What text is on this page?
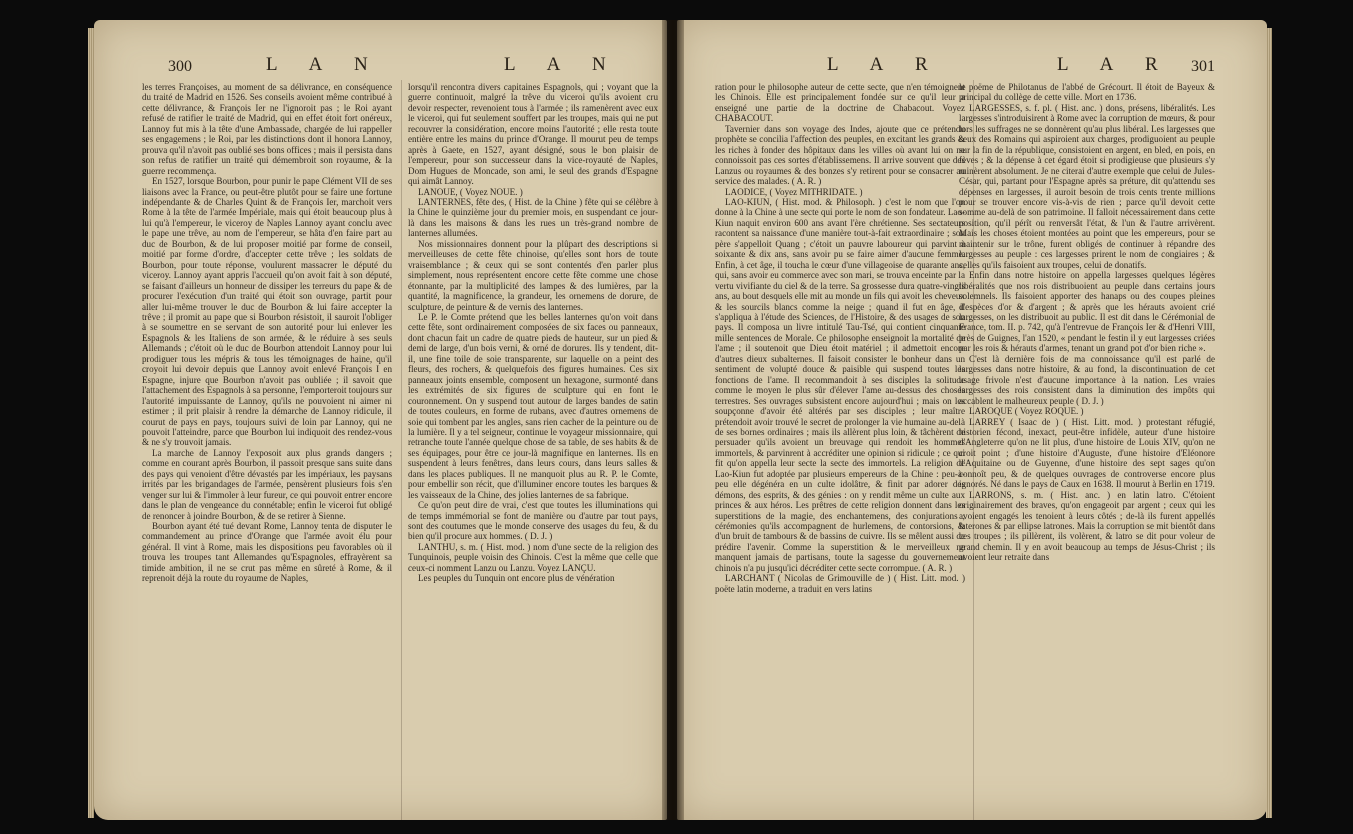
300	L A N	L A N

les terres Françoises, au moment de sa délivrance, en conséquence du traité de Madrid en 1526. Ses conseils avoient même contribué à cette délivrance, & François Ier ne l'ignoroit pas ; le Roi ayant refusé de ratifier le traité de Madrid, qui en effet étoit fort onéreux, Lannoy fut mis à la tête d'une Ambassade, chargée de lui rappeller ses engagemens ; le Roi, par les distinctions dont il honora Lannoy, prouva qu'il n'avoit pas oublié ses bons offices ; mais il persista dans son refus de ratifier un traité qui démembroit son royaume, & la guerre recommença.

En 1527, lorsque Bourbon, pour punir le pape Clément VII de ses liaisons avec la France, ou peut-être plutôt pour se faire une fortune indépendante & de Charles Quint & de François Ier, marchoit vers Rome à la tête de l'armée Impériale, mais qui étoit beaucoup plus à lui qu'à l'empereur, le viceroy de Naples Lannoy ayant conclu avec le pape une trêve, au nom de l'empereur, se hâta d'en faire part au duc de Bourbon, & de lui proposer moitié par forme de conseil, moitié par forme d'ordre, d'accepter cette trêve ; les soldats de Bourbon, pour toute réponse, voulurent massacrer le député du viceroy. Lannoy ayant appris l'accueil qu'on avoit fait à son député, se faisant d'ailleurs un honneur de dissiper les terreurs du pape & de procurer l'exécution d'un traité qui étoit son ouvrage, partit pour aller lui-même trouver le duc de Bourbon & lui faire accepter la trêve ; il promit au pape que si Bourbon résistoit, il sauroit l'obliger à se soumettre en se servant de son autorité pour lui enlever les Espagnols & les Italiens de son armée, & le réduire à ses seuls Allemands ; c'étoit où le duc de Bourbon attendoit Lannoy pour lui prodiguer tous les mépris & tous les témoignages de haine, qu'il croyoit lui devoir depuis que Lannoy avoit enlevé François I en Espagne, injure que Bourbon n'avoit pas oubliée ; il savoit que l'attachement des Espagnols à sa personne, l'emporteroit toujours sur l'autorité impuissante de Lannoy, qu'ils ne pouvoient ni aimer ni estimer ; il prit plaisir à rendre la démarche de Lannoy ridicule, il courut de pays en pays, toujours suivi de loin par Lannoy, qui ne pouvoit l'atteindre, parce que Bourbon lui indiquoit des rendez-vous & ne s'y trouvoit jamais.

La marche de Lannoy l'exposoit aux plus grands dangers ; comme en courant après Bourbon, il passoit presque sans suite dans des pays qui venoient d'être dévastés par les impériaux, les paysans irrités par les brigandages de l'armée, pensèrent plusieurs fois s'en venger sur lui & l'immoler à leur fureur, ce qui pouvoit entrer encore dans le plan de vengeance du connétable; enfin le viceroi fut obligé de renoncer à joindre Bourbon, & de se retirer à Sienne.

Bourbon ayant été tué devant Rome, Lannoy tenta de disputer le commandement au prince d'Orange que l'armée avoit élu pour général. Il vint à Rome, mais les dispositions peu favorables où il trouva les troupes tant Allemandes qu'Espagnoles, effrayèrent sa timide ambition, il ne se crut pas même en sûreté à Rome, & il reprenoit déjà la route du royaume de Naples,

lorsqu'il rencontra divers capitaines Espagnols, qui ; voyant que la guerre continuoit, malgré la trêve du viceroi qu'ils avoient cru devoir respecter, revenoient tous à l'armée ; ils ramenèrent avec eux le viceroi, qui fut seulement souffert par les troupes, mais qui ne put recouvrer la considération, encore moins l'autorité ; elle resta toute entière entre les mains du prince d'Orange. Il mourut peu de temps après à Gaete, en 1527, ayant désigné, sous le bon plaisir de l'empereur, pour son successeur dans la vice-royauté de Naples, Dom Hugues de Moncade, son ami, le seul des grands d'Espagne qui aimât Lannoy.

LANOUE, ( Voyez NOUE. )

LANTERNES, fête des, ( Hist. de la Chine ) fête qui se célèbre à la Chine le quinzième jour du premier mois, en suspendant ce jour-là dans les maisons & dans les rues un très-grand nombre de lanternes allumées.

Nos missionnaires donnent pour la plûpart des descriptions si merveilleuses de cette fête chinoise, qu'elles sont hors de toute vraisemblance ; & ceux qui se sont contentés d'en parler plus simplement, nous représentent encore cette fête comme une chose étonnante, par la multiplicité des lampes & des lumières, par la quantité, la magnificence, la grandeur, les ornemens de dorure, de sculpture, de peinture & de vernis des lanternes.

Le P. le Comte prétend que les belles lanternes qu'on voit dans cette fête, sont ordinairement composées de six faces ou panneaux, dont chacun fait un cadre de quatre pieds de hauteur, sur un pied & demi de large, d'un bois verni, & orné de dorures. Ils y tendent, dit-il, une fine toile de soie transparente, sur laquelle on a peint des fleurs, des rochers, & quelquefois des figures humaines. Ces six panneaux joints ensemble, composent un hexagone, surmonté dans les extrémités de six figures de sculpture qui en font le couronnement. On y suspend tout autour de larges bandes de satin de toutes couleurs, en forme de rubans, avec d'autres ornemens de soie qui tombent par les angles, sans rien cacher de la peinture ou de la lumière. Il y a tel seigneur, continue le voyageur missionnaire, qui retranche toute l'année quelque chose de sa table, de ses habits & de ses équipages, pour être ce jour-là magnifique en lanternes. Ils en suspendent à leurs fenêtres, dans leurs cours, dans leurs salles & dans les places publiques. Il ne manquoit plus au R. P. le Comte, pour embellir son récit, que d'illuminer encore toutes les barques & les vaisseaux de la Chine, des jolies lanternes de sa fabrique.

Ce qu'on peut dire de vrai, c'est que toutes les illuminations qui de temps immémorial se font de manière ou d'autre par tout pays, sont des coutumes que le monde conserve des usages du feu, & du bien qu'il procure aux hommes. ( D. J. )

LANTHU, s. m. ( Hist. mod. ) nom d'une secte de la religion des Tunquinois, peuple voisin des Chinois. C'est la même que celle que ceux-ci nomment Lanzu ou Lanzu. Voyez LANÇU.

Les peuples du Tunquin ont encore plus de vénération

L A R	L A R 301

ration pour le philosophe auteur de cette secte, que n'en témoignent les Chinois. Elle est principalement fondée sur ce qu'il leur a enseigné une partie de la doctrine de Chabacout. Voyez CHABACOUT.

Tavernier dans son voyage des Indes, ajoute que ce prétendu prophète se concilia l'affection des peuples, en excitant les grands & les riches à fonder des hôpitaux dans les villes où avant lui on ne connoissoit pas ces sortes d'établissemens. Il arrive souvent que des Lanzus ou royaumes & des bonzes s'y retirent pour se consacrer au service des malades. ( A. R. )

LAODICE, ( Voyez MITHRIDATE. )

LAO-KIUN, ( Hist. mod. & Philosoph. ) c'est le nom que l'on donne à la Chine à une secte qui porte le nom de son fondateur. Lao-Kiun naquit environ 600 ans avant l'ère chrétienne. Ses sectateurs racontent sa naissance d'une manière tout-à-fait extraordinaire ; son père s'appelloit Quang ; c'étoit un pauvre laboureur qui parvint à soixante & dix ans, sans avoir pu se faire aimer d'aucune femme. Enfin, à cet âge, il toucha le cœur d'une villageoise de quarante ans, qui, sans avoir eu commerce avec son mari, se trouva enceinte par la vertu vivifiante du ciel & de la terre. Sa grossesse dura quatre-vingts ans, au bout desquels elle mit au monde un fils qui avoit les cheveux & les sourcils blancs comme la neige ; quand il fut en âge, il s'appliqua à l'étude des Sciences, de l'Histoire, & des usages de son pays. Il composa un livre intitulé Tau-Tsé, qui contient cinquante mille sentences de Morale. Ce philosophe enseignoit la mortalité de l'ame ; il soutenoit que Dieu étoit matériel ; il admettoit encore d'autres dieux subalternes. Il faisoit consister le bonheur dans un sentiment de volupté douce & paisible qui suspend toutes les fonctions de l'ame. Il recommandoit à ses disciples la solitude comme le moyen le plus sûr d'élever l'ame au-dessus des choses terrestres. Ses ouvrages subsistent encore aujourd'hui ; mais on les soupçonne d'avoir été altérés par ses disciples ; leur maître prétendoit avoir trouvé le secret de prolonger la vie humaine au-delà de ses bornes ordinaires ; mais ils allèrent plus loin, & tâchèrent de persuader qu'ils avoient un breuvage qui rendoit les hommes immortels, & parvinrent à accréditer une opinion si ridicule ; ce qui fit qu'on appella leur secte la secte des immortels. La religion de Lao-Kiun fut adoptée par plusieurs empereurs de la Chine : peu-à-peu elle dégénéra en un culte idolâtre, & finit par adorer des démons, des esprits, & des génies : on y rendit même un culte aux princes & aux héros. Les prêtres de cette religion donnent dans les superstitions de la magie, des enchantemens, des conjurations ; cérémonies qu'ils accompagnent de hurlemens, de contorsions, & d'un bruit de tambours & de bassins de cuivre. Ils se mêlent aussi de prédire l'avenir. Comme la superstition & le merveilleux ne manquent jamais de partisans, toute la sagesse du gouvernement chinois n'a pu jusqu'ici décréditer cette secte corrompue. ( A. R. )

LARCHANT ( Nicolas de Grimouville de ) ( Hist. Litt. mod. ) poëte latin moderne, a traduit en vers latins

le poëme de Philotanus de l'abbé de Grécourt. Il étoit de Bayeux & principal du collège de cette ville. Mort en 1736.

LARGESSES, s. f. pl. ( Hist. anc. ) dons, présens, libéralités. Les largesses s'introduisirent à Rome avec la corruption de mœurs, & pour lors les suffrages ne se donnèrent qu'au plus libéral. Les largesses que ceux des Romains qui aspiroient aux charges, prodiguoient au peuple sur la fin de la république, consistoient en argent, en bled, en pois, en fèves ; & la dépense à cet égard étoit si prodigieuse que plusieurs s'y ruinèrent absolument. Je ne citerai d'autre exemple que celui de Jules-César, qui, partant pour l'Espagne après sa préture, dit qu'attendu ses dépenses en largesses, il auroit besoin de trois cents trente millions pour se trouver encore vis-à-vis de rien ; parce qu'il devoit cette somme au-delà de son patrimoine. Il falloit nécessairement dans cette position, qu'il pérît ou renversât l'état, & l'un & l'autre arrivèrent. Mais les choses étoient montées au point que les empereurs, pour se maintenir sur le trône, furent obligés de continuer à répandre des largesses au peuple : ces largesses prirent le nom de congiaires ; & celles qu'ils faisoient aux troupes, celui de donatifs.

Enfin dans notre histoire on appella largesses quelques légères libéralités que nos rois distribuoient au peuple dans certains jours solemnels. Ils faisoient apporter des hanaps ou des coupes pleines d'espèces d'or & d'argent ; & après que les hérauts avoient crié largesses, on les distribuoit au public. Il est dit dans le Cérémonial de France, tom. II. p. 742, qu'à l'entrevue de François Ier & d'Henri VIII, près de Guignes, l'an 1520, « pendant le festin il y eut largesses criées par les rois & hérauts d'armes, tenant un grand pot d'or bien riche ».

C'est là dernière fois de ma connoissance qu'il est parlé de largesses dans notre histoire, & au fond, la discontinuation de cet usage frivole n'est d'aucune importance à la nation. Les vraies largesses des rois consistent dans la diminution des impôts qui accablent le malheureux peuple ( D. J. )

LAROQUE ( Voyez ROQUE. )

LARREY ( Isaac de ) ( Hist. Litt. mod. ) protestant réfugié, historien fécond, inexact, peut-être infidèle, auteur d'une histoire d'Angleterre qu'on ne lit plus, d'une histoire de Louis XIV, qu'on ne croit point ; d'une histoire d'Auguste, d'une histoire d'Eléonore d'Aquitaine ou de Guyenne, d'une histoire des sept sages qu'on connoît peu, & de quelques ouvrages de controverse encore plus ignorés. Né dans le pays de Caux en 1638. Il mourut à Berlin en 1719.

LARRONS, s. m. ( Hist. anc. ) en latin latro. C'étoient originairement des braves, qu'on engageoit par argent ; ceux qui les avoient engagés les tenoient à leurs côtés ; de-là ils furent appellés laterones & par ellipse latrones. Mais la corruption se mit bientôt dans ces troupes ; ils pillèrent, ils volèrent, & latro se dit pour voleur de grand chemin. Il y en avoit beaucoup au temps de Jésus-Christ ; ils avoient leur retraite dans
